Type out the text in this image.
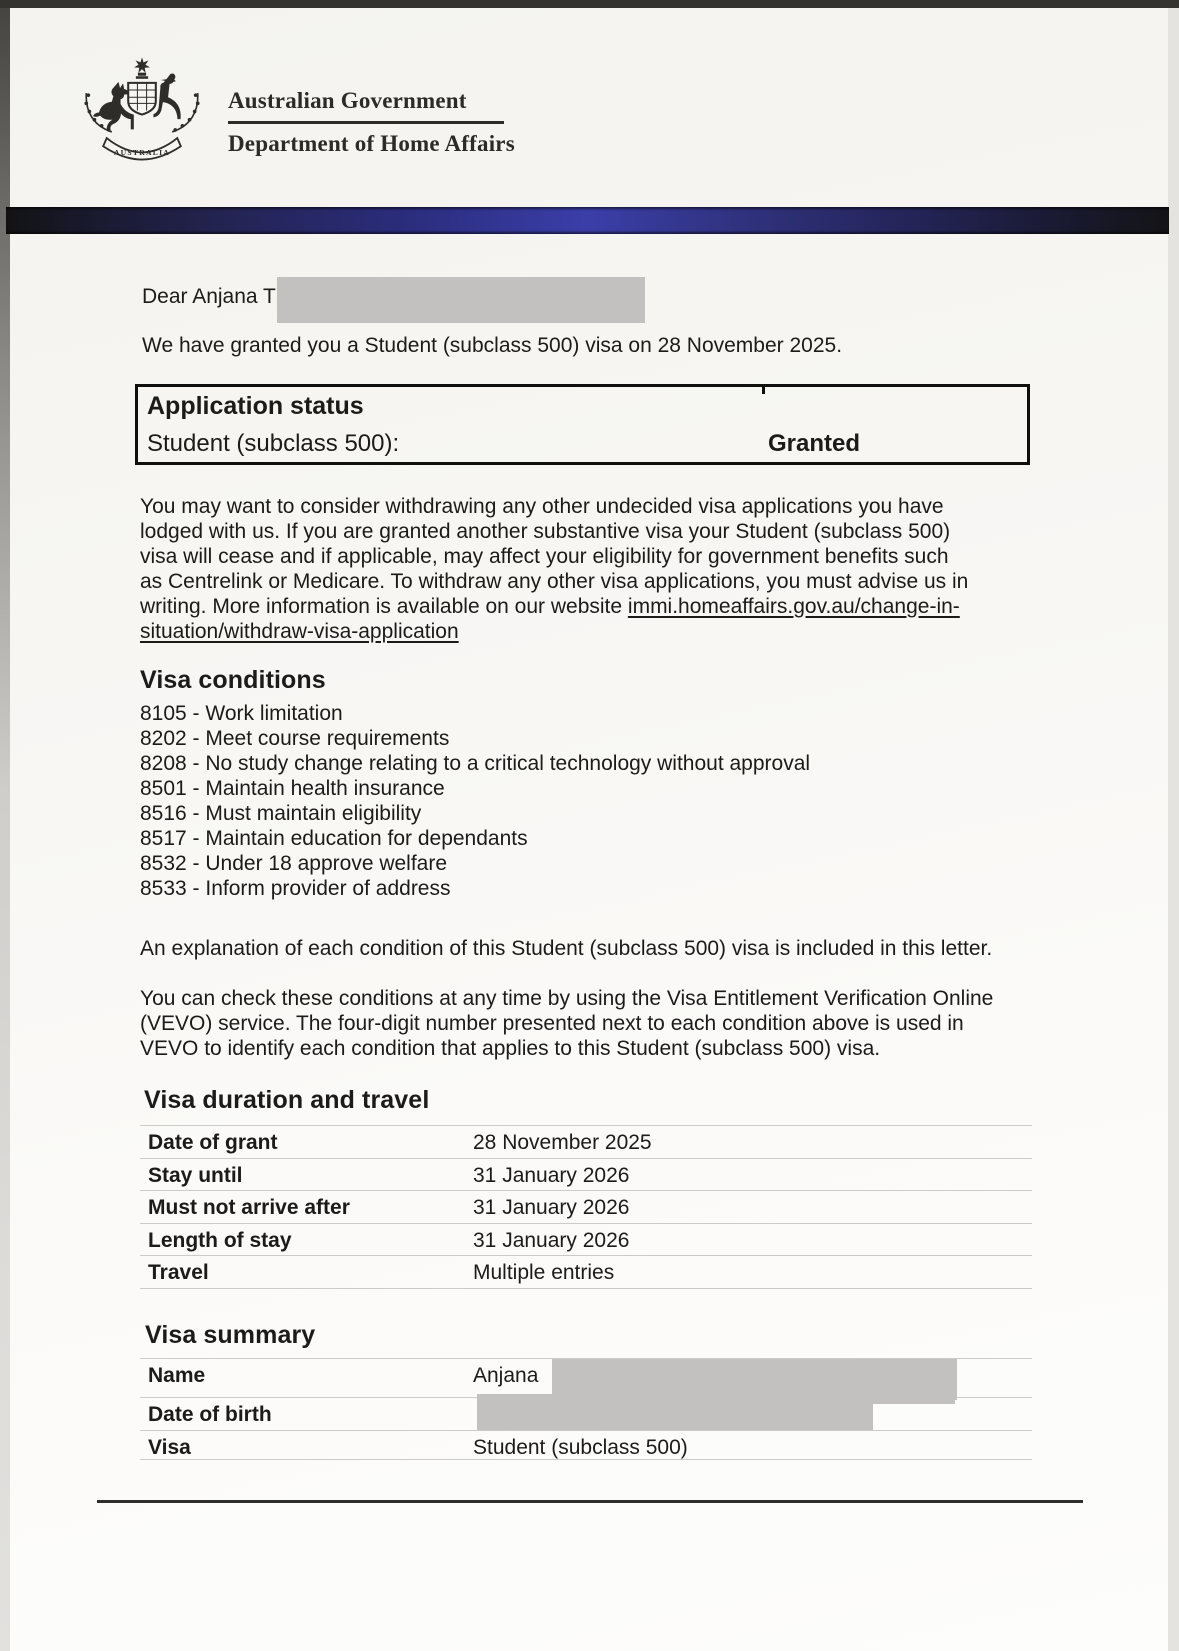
AUSTRALIA
Australian Government
Department of Home Affairs
Dear Anjana T
We have granted you a Student (subclass 500) visa on 28 November 2025.
Application status
Student (subclass 500):	Granted
You may want to consider withdrawing any other undecided visa applications you have
lodged with us. If you are granted another substantive visa your Student (subclass 500)
visa will cease and if applicable, may affect your eligibility for government benefits such
as Centrelink or Medicare. To withdraw any other visa applications, you must advise us in
writing. More information is available on our website immi.homeaffairs.gov.au/change-in-
situation/withdraw-visa-application
Visa conditions
8105 - Work limitation
8202 - Meet course requirements
8208 - No study change relating to a critical technology without approval
8501 - Maintain health insurance
8516 - Must maintain eligibility
8517 - Maintain education for dependants
8532 - Under 18 approve welfare
8533 - Inform provider of address
An explanation of each condition of this Student (subclass 500) visa is included in this letter.
You can check these conditions at any time by using the Visa Entitlement Verification Online
(VEVO) service. The four-digit number presented next to each condition above is used in
VEVO to identify each condition that applies to this Student (subclass 500) visa.
Visa duration and travel
Date of grant	28 November 2025
Stay until	31 January 2026
Must not arrive after	31 January 2026
Length of stay	31 January 2026
Travel	Multiple entries
Visa summary
Name	Anjana
Date of birth
Visa	Student (subclass 500)
